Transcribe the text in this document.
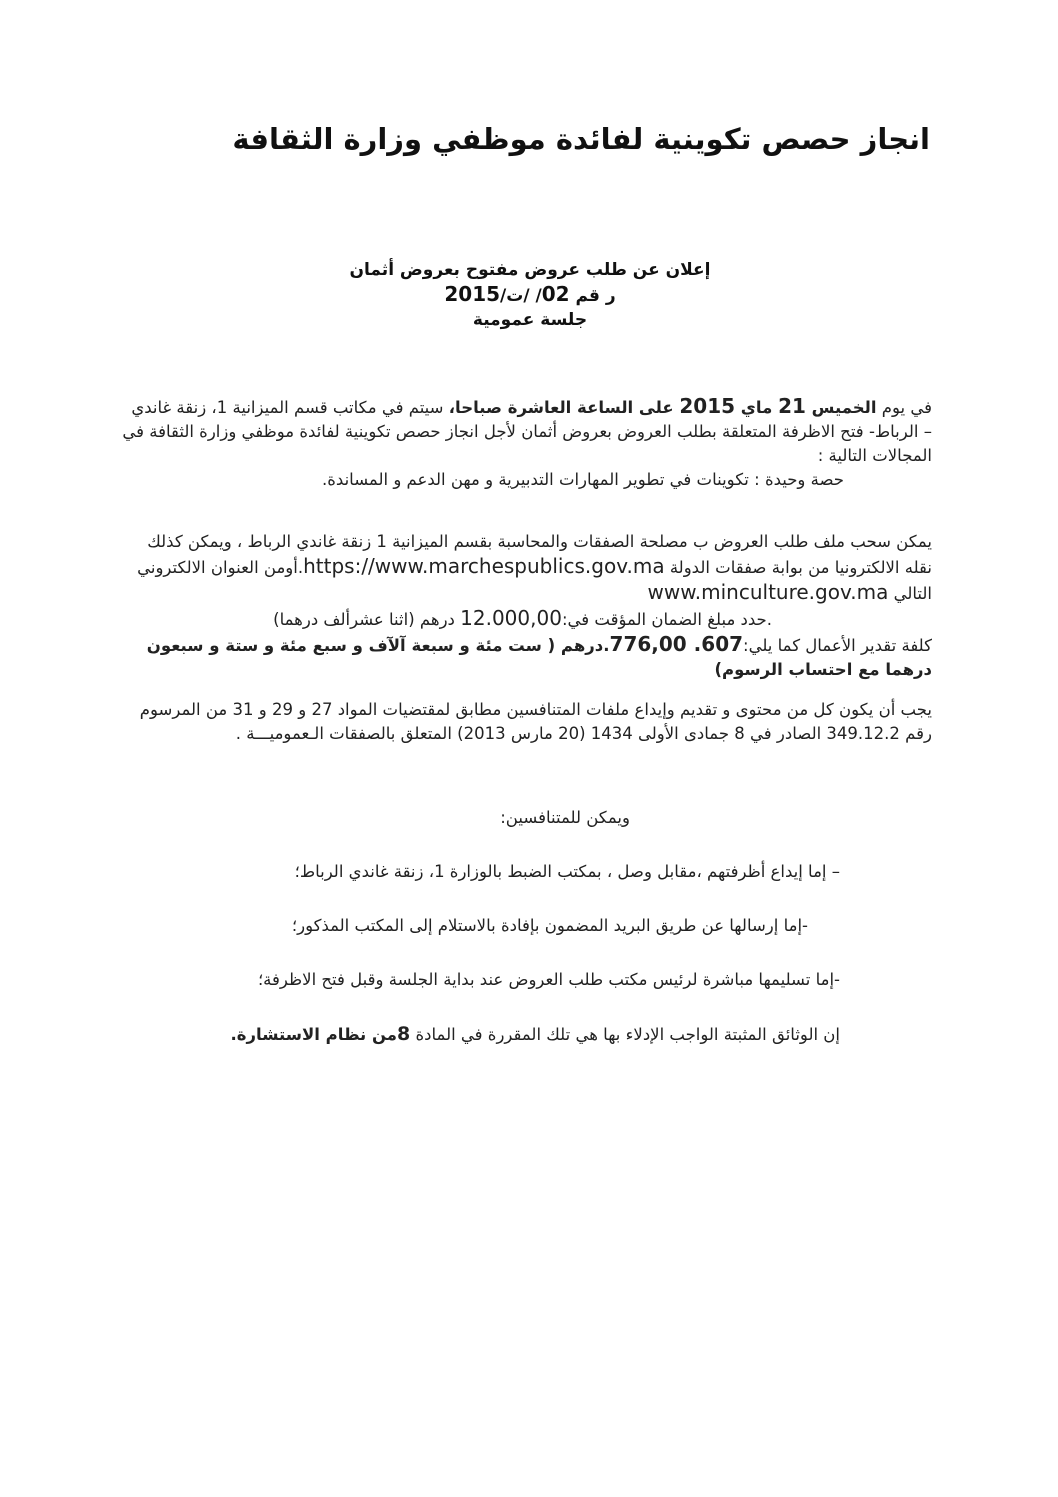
انجاز حصص تكوينية لفائدة موظفي وزارة الثقافة
إعلان عن طلب عروض مفتوح بعروض أثمان
ر قم 02/ /ت/2015
جلسة عمومية
في يوم الخميس 21 ماي 2015 على الساعة العاشرة صباحا، سيتم في مكاتب قسم الميزانية 1، زنقة غاندي – الرباط- فتح الاظرفة المتعلقة بطلب العروض بعروض أثمان لأجل انجاز حصص تكوينية لفائدة موظفي وزارة الثقافة في المجالات التالية :
حصة وحيدة : تكوينات في تطوير المهارات التدبيرية و مهن الدعم و المساندة.
يمكن سحب ملف طلب العروض ب مصلحة الصفقات والمحاسبة بقسم الميزانية 1 زنقة غاندي الرباط ، ويمكن كذلك نقله الالكترونيا من بوابة صفقات الدولة https://www.marchespublics.gov.ma.أومن العنوان الالكتروني التالي www.minculture.gov.ma
.حدد مبلغ الضمان المؤقت في:12.000,00 درهم (اثنا عشرألف درهما)
كلفة تقدير الأعمال كما يلي:607. 776,00.درهم ( ست مئة و سبعة آلآف و سبع مئة و ستة و سبعون درهما مع احتساب الرسوم)
يجب أن يكون كل من محتوى و تقديم وإيداع ملفات المتنافسين مطابق لمقتضيات المواد 27 و 29 و 31 من المرسوم رقم 349.12.2 الصادر في 8 جمادى الأولى 1434 (20 مارس 2013) المتعلق بالصفقات الـعموميـــة .
ويمكن للمتنافسين:
– إما إيداع أظرفتهم ،مقابل وصل ، بمكتب الضبط بالوزارة 1، زنقة غاندي الرباط؛
-إما إرسالها عن طريق البريد المضمون بإفادة بالاستلام إلى المكتب المذكور؛
-إما تسليمها مباشرة لرئيس مكتب طلب العروض عند بداية الجلسة وقبل فتح الاظرفة؛
إن الوثائق المثبتة الواجب الإدلاء بها هي تلك المقررة في المادة 8من نظام الاستشارة.
